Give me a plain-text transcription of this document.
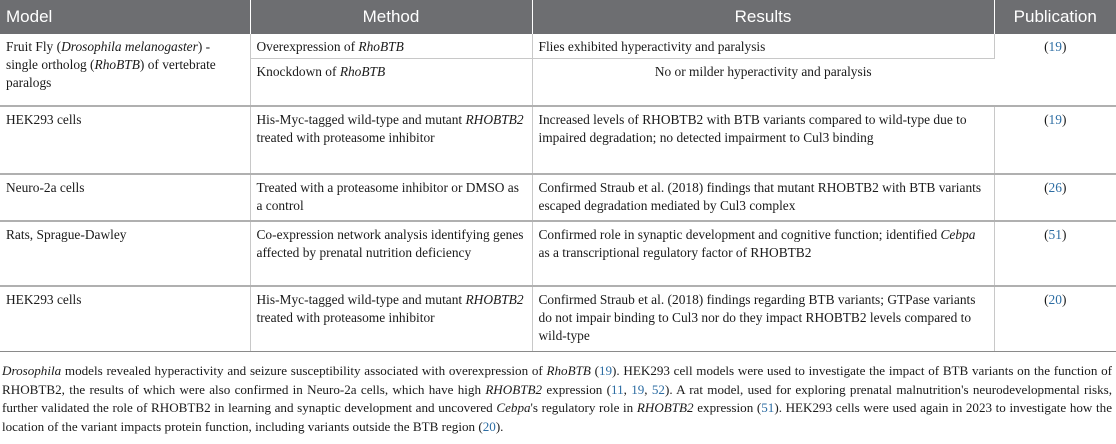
Model	Method	Results	Publication
Fruit Fly (Drosophila melanogaster) - single ortholog (RhoBTB) of vertebrate paralogs	Overexpression of RhoBTB	Flies exhibited hyperactivity and paralysis	(19)
	Knockdown of RhoBTB	No or milder hyperactivity and paralysis	
HEK293 cells	His-Myc-tagged wild-type and mutant RHOBTB2 treated with proteasome inhibitor	Increased levels of RHOBTB2 with BTB variants compared to wild-type due to impaired degradation; no detected impairment to Cul3 binding	(19)
Neuro-2a cells	Treated with a proteasome inhibitor or DMSO as a control	Confirmed Straub et al. (2018) findings that mutant RHOBTB2 with BTB variants escaped degradation mediated by Cul3 complex	(26)
Rats, Sprague-Dawley	Co-expression network analysis identifying genes affected by prenatal nutrition deficiency	Confirmed role in synaptic development and cognitive function; identified Cebpa as a transcriptional regulatory factor of RHOBTB2	(51)
HEK293 cells	His-Myc-tagged wild-type and mutant RHOBTB2 treated with proteasome inhibitor	Confirmed Straub et al. (2018) findings regarding BTB variants; GTPase variants do not impair binding to Cul3 nor do they impact RHOBTB2 levels compared to wild-type	(20)

Drosophila models revealed hyperactivity and seizure susceptibility associated with overexpression of RhoBTB (19). HEK293 cell models were used to investigate the impact of BTB variants on the function of RHOBTB2, the results of which were also confirmed in Neuro-2a cells, which have high RHOBTB2 expression (11, 19, 52). A rat model, used for exploring prenatal malnutrition's neurodevelopmental risks, further validated the role of RHOBTB2 in learning and synaptic development and uncovered Cebpa's regulatory role in RHOBTB2 expression (51). HEK293 cells were used again in 2023 to investigate how the location of the variant impacts protein function, including variants outside the BTB region (20).
